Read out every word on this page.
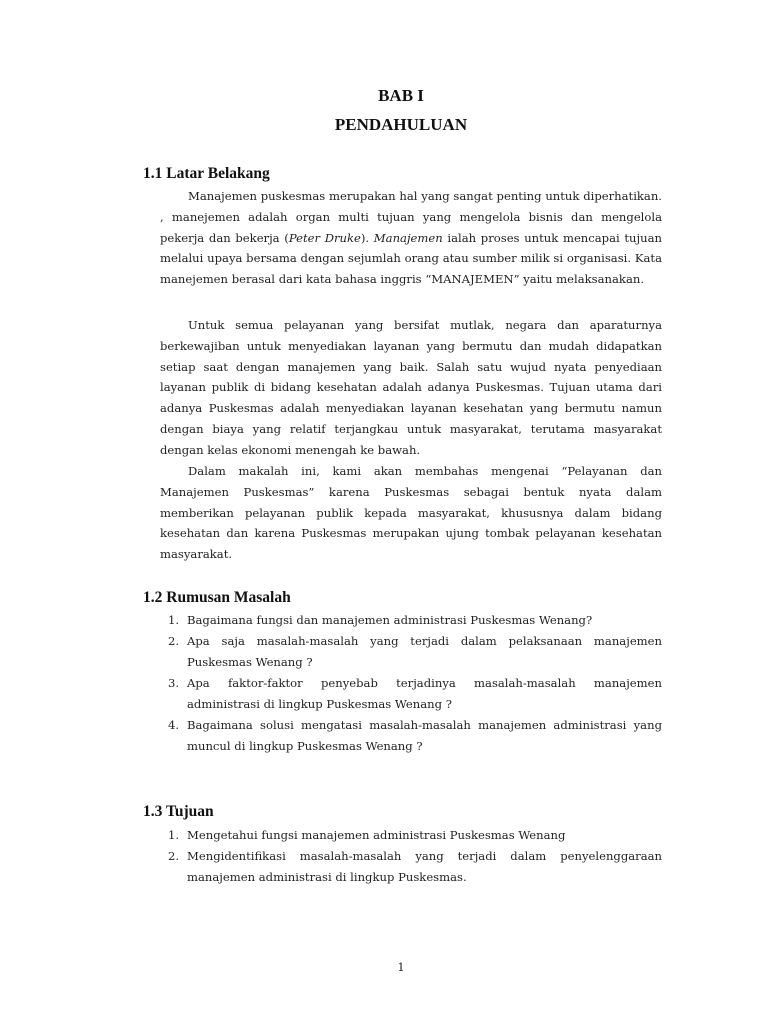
BAB I
PENDAHULUAN
1.1 Latar Belakang

Manajemen puskesmas merupakan hal yang sangat penting untuk diperhatikan. , manejemen adalah organ multi tujuan yang mengelola bisnis dan mengelola pekerja dan bekerja (Peter Druke). Manajemen ialah proses untuk mencapai tujuan melalui upaya bersama dengan sejumlah orang atau sumber milik si organisasi. Kata manejemen berasal dari kata bahasa inggris “MANAJEMEN” yaitu melaksanakan.

Untuk semua pelayanan yang bersifat mutlak, negara dan aparaturnya berkewajiban untuk menyediakan layanan yang bermutu dan mudah didapatkan setiap saat dengan manajemen yang baik. Salah satu wujud nyata penyediaan layanan publik di bidang kesehatan adalah adanya Puskesmas. Tujuan utama dari adanya Puskesmas adalah menyediakan layanan kesehatan yang bermutu namun dengan biaya yang relatif terjangkau untuk masyarakat, terutama masyarakat dengan kelas ekonomi menengah ke bawah.

Dalam makalah ini, kami akan membahas mengenai “Pelayanan dan Manajemen Puskesmas” karena Puskesmas sebagai bentuk nyata dalam memberikan pelayanan publik kepada masyarakat, khususnya dalam bidang kesehatan dan karena Puskesmas merupakan ujung tombak pelayanan kesehatan masyarakat.

1.2 Rumusan Masalah
1. Bagaimana fungsi dan manajemen administrasi Puskesmas Wenang?
2. Apa saja masalah-masalah yang terjadi dalam pelaksanaan manajemen Puskesmas Wenang ?
3. Apa faktor-faktor penyebab terjadinya masalah-masalah manajemen administrasi di lingkup Puskesmas Wenang ?
4. Bagaimana solusi mengatasi masalah-masalah manajemen administrasi yang muncul di lingkup Puskesmas Wenang ?
1.3 Tujuan
1. Mengetahui fungsi manajemen administrasi Puskesmas Wenang
2. Mengidentifikasi masalah-masalah yang terjadi dalam penyelenggaraan manajemen administrasi di lingkup Puskesmas.
1
